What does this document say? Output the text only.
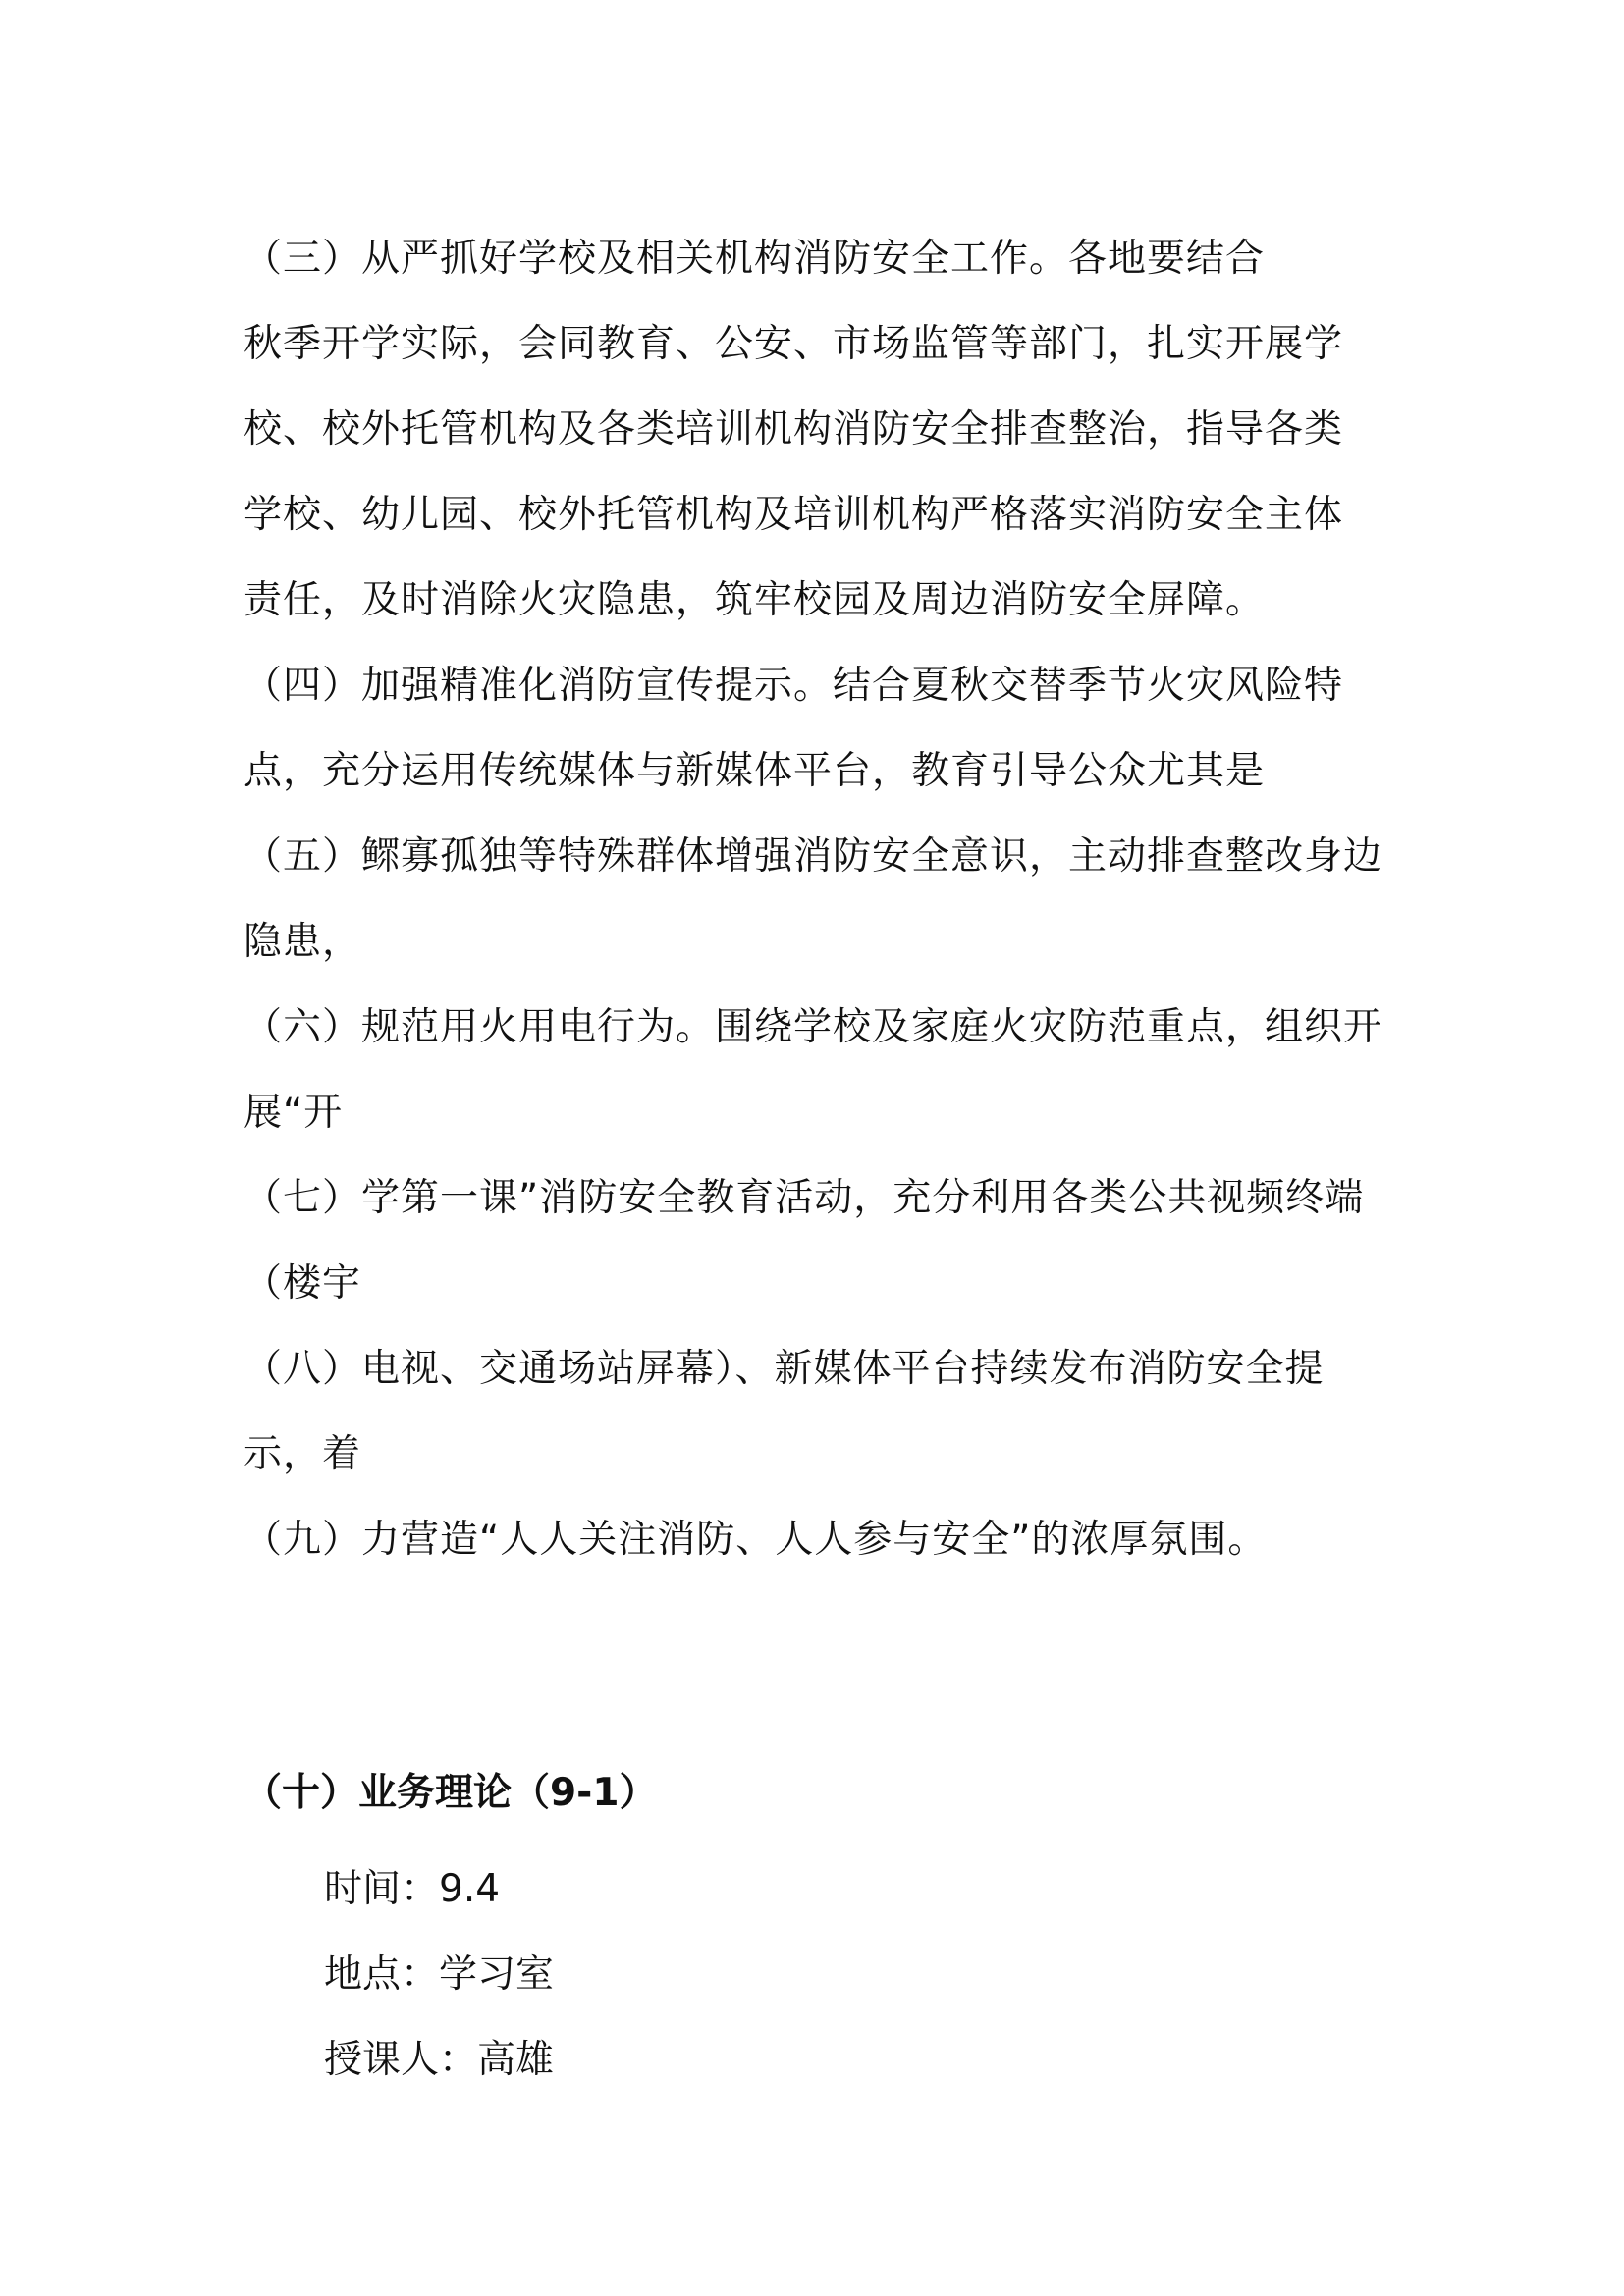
（三）从严抓好学校及相关机构消防安全工作。各地要结合
秋季开学实际，会同教育、公安、市场监管等部门，扎实开展学
校、校外托管机构及各类培训机构消防安全排查整治，指导各类
学校、幼儿园、校外托管机构及培训机构严格落实消防安全主体
责任，及时消除火灾隐患，筑牢校园及周边消防安全屏障。
（四）加强精准化消防宣传提示。结合夏秋交替季节火灾风险特
点，充分运用传统媒体与新媒体平台，教育引导公众尤其是
（五）鳏寡孤独等特殊群体增强消防安全意识，主动排查整改身边
隐患，
（六）规范用火用电行为。围绕学校及家庭火灾防范重点，组织开
展“开
（七）学第一课”消防安全教育活动，充分利用各类公共视频终端
（楼宇
（八）电视、交通场站屏幕）、新媒体平台持续发布消防安全提
示，着
（九）力营造“人人关注消防、人人参与安全”的浓厚氛围。
（十）业务理论（9-1）
时间：9.4
地点：学习室
授课人：高雄
